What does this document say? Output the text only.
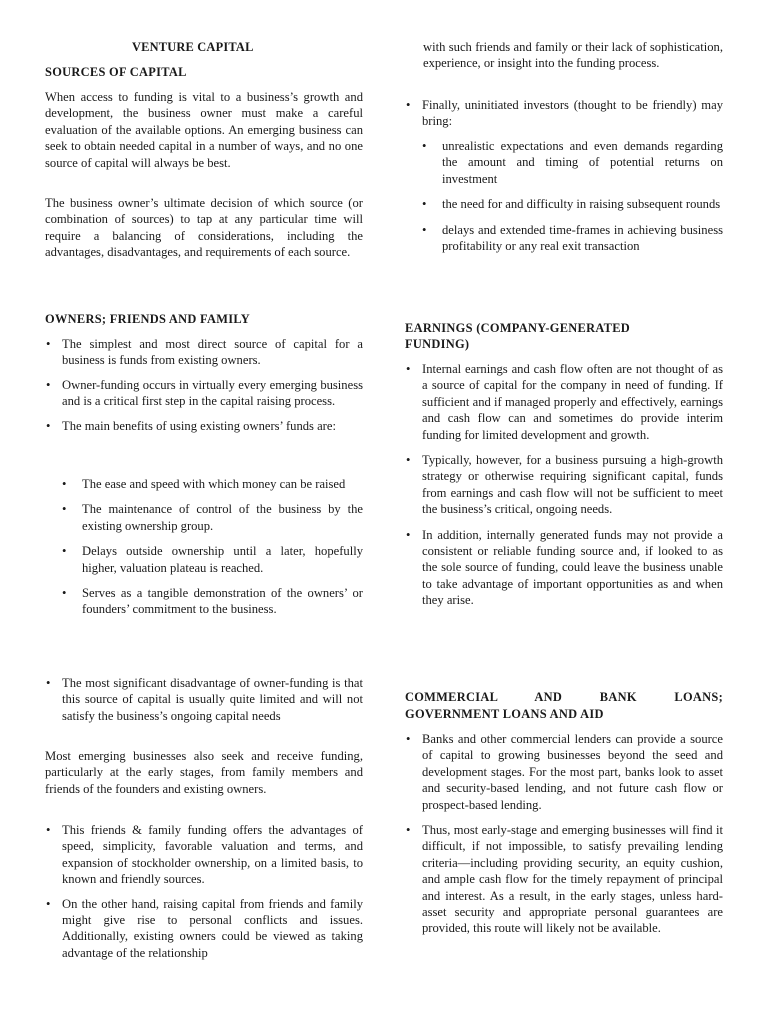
VENTURE CAPITAL
SOURCES OF CAPITAL

When access to funding is vital to a business’s growth and development, the business owner must make a careful evaluation of the available options. An emerging business can seek to obtain needed capital in a number of ways, and no one source of capital will always be best.

The business owner’s ultimate decision of which source (or combination of sources) to tap at any particular time will require a balancing of considerations, including the advantages, disadvantages, and requirements of each source.

OWNERS; FRIENDS AND FAMILY
• The simplest and most direct source of capital for a business is funds from existing owners.
• Owner-funding occurs in virtually every emerging business and is a critical first step in the capital raising process.
• The main benefits of using existing owners’ funds are:
• The ease and speed with which money can be raised
• The maintenance of control of the business by the existing ownership group.
• Delays outside ownership until a later, hopefully higher, valuation plateau is reached.
• Serves as a tangible demonstration of the owners’ or founders’ commitment to the business.
• The most significant disadvantage of owner-funding is that this source of capital is usually quite limited and will not satisfy the business’s ongoing capital needs

Most emerging businesses also seek and receive funding, particularly at the early stages, from family members and friends of the founders and existing owners.

• This friends & family funding offers the advantages of speed, simplicity, favorable valuation and terms, and expansion of stockholder ownership, on a limited basis, to known and friendly sources.
• On the other hand, raising capital from friends and family might give rise to personal conflicts and issues. Additionally, existing owners could be viewed as taking advantage of the relationship

with such friends and family or their lack of sophistication, experience, or insight into the funding process.

• Finally, uninitiated investors (thought to be friendly) may bring:
• unrealistic expectations and even demands regarding the amount and timing of potential returns on investment
• the need for and difficulty in raising subsequent rounds
• delays and extended time-frames in achieving business profitability or any real exit transaction
EARNINGS (COMPANY-GENERATED FUNDING)
• Internal earnings and cash flow often are not thought of as a source of capital for the company in need of funding. If sufficient and if managed properly and effectively, earnings and cash flow can and sometimes do provide interim funding for limited development and growth.
• Typically, however, for a business pursuing a high-growth strategy or otherwise requiring significant capital, funds from earnings and cash flow will not be sufficient to meet the business’s critical, ongoing needs.
• In addition, internally generated funds may not provide a consistent or reliable funding source and, if looked to as the sole source of funding, could leave the business unable to take advantage of important opportunities as and when they arise.
COMMERCIAL AND BANK LOANS;
GOVERNMENT LOANS AND AID
• Banks and other commercial lenders can provide a source of capital to growing businesses beyond the seed and development stages. For the most part, banks look to asset and security-based lending, and not future cash flow or prospect-based lending.
• Thus, most early-stage and emerging businesses will find it difficult, if not impossible, to satisfy prevailing lending criteria—including providing security, an equity cushion, and ample cash flow for the timely repayment of principal and interest. As a result, in the early stages, unless hard-asset security and appropriate personal guarantees are provided, this route will likely not be available.
